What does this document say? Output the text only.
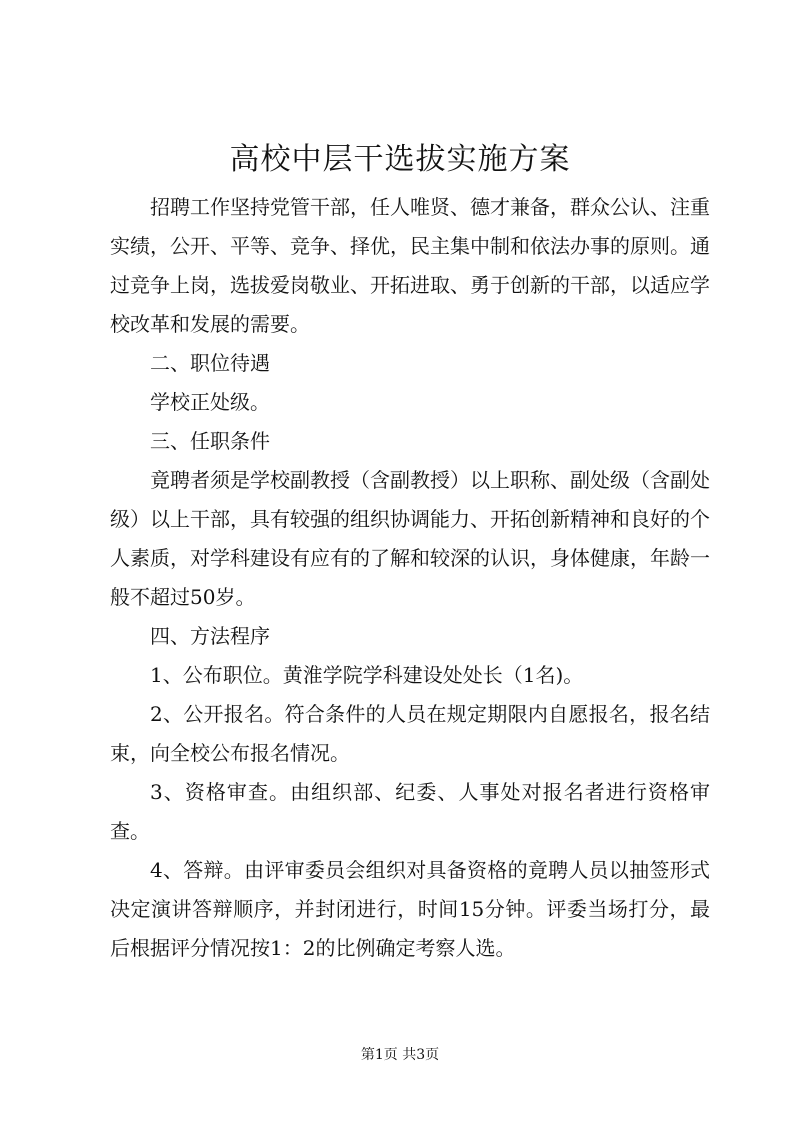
高校中层干选拔实施方案

招聘工作坚持党管干部，任人唯贤、德才兼备，群众公认、注重实绩，公开、平等、竞争、择优，民主集中制和依法办事的原则。通过竞争上岗，选拔爱岗敬业、开拓进取、勇于创新的干部，以适应学校改革和发展的需要。

二、职位待遇

学校正处级。

三、任职条件

竟聘者须是学校副教授（含副教授）以上职称、副处级（含副处级）以上干部，具有较强的组织协调能力、开拓创新精神和良好的个人素质，对学科建设有应有的了解和较深的认识，身体健康，年龄一般不超过50岁。

四、方法程序

1、公布职位。黄淮学院学科建设处处长（1名)。

2、公开报名。符合条件的人员在规定期限内自愿报名，报名结束，向全校公布报名情况。

3、资格审查。由组织部、纪委、人事处对报名者进行资格审查。

4、答辩。由评审委员会组织对具备资格的竟聘人员以抽签形式决定演讲答辩顺序，并封闭进行，时间15分钟。评委当场打分，最后根据评分情况按1：2的比例确定考察人选。

第1页 共3页
